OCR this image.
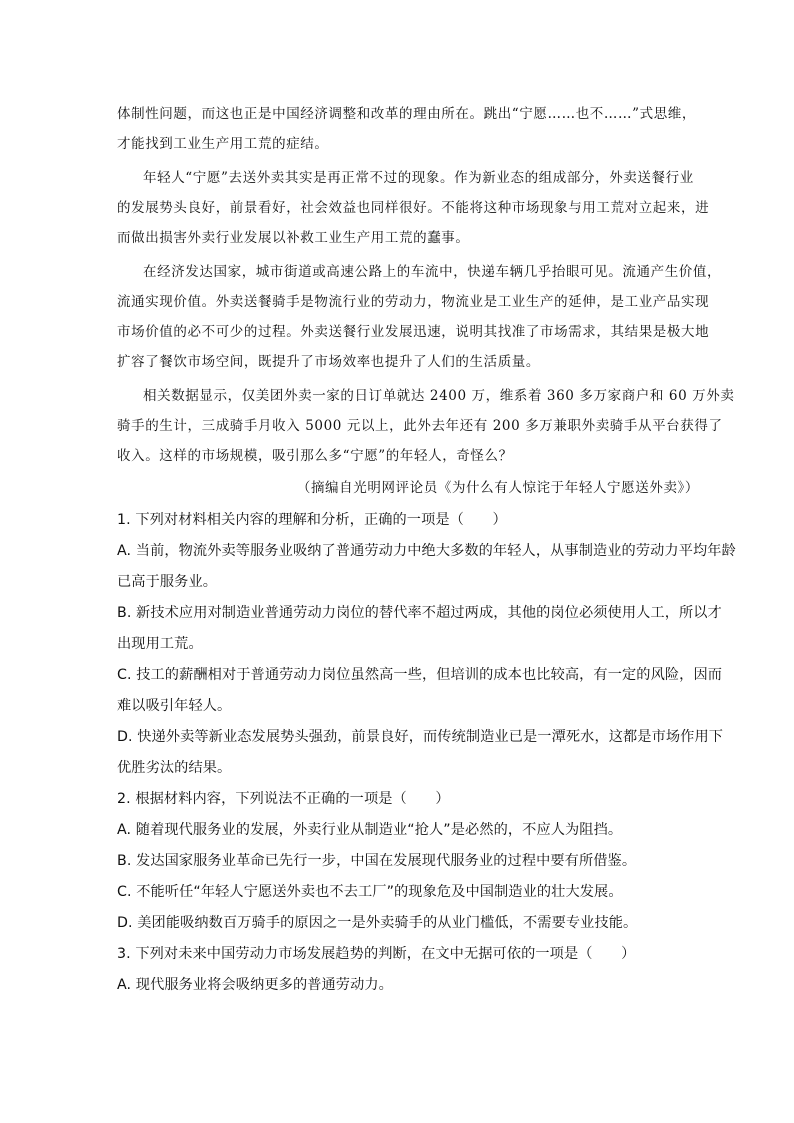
体制性问题，而这也正是中国经济调整和改革的理由所在。跳出“宁愿……也不……”式思维，
才能找到工业生产用工荒的症结。
年轻人“宁愿”去送外卖其实是再正常不过的现象。作为新业态的组成部分，外卖送餐行业
的发展势头良好，前景看好，社会效益也同样很好。不能将这种市场现象与用工荒对立起来，进
而做出损害外卖行业发展以补救工业生产用工荒的蠢事。
在经济发达国家，城市街道或高速公路上的车流中，快递车辆几乎抬眼可见。流通产生价值，
流通实现价值。外卖送餐骑手是物流行业的劳动力，物流业是工业生产的延伸，是工业产品实现
市场价值的必不可少的过程。外卖送餐行业发展迅速，说明其找准了市场需求，其结果是极大地
扩容了餐饮市场空间，既提升了市场效率也提升了人们的生活质量。
相关数据显示，仅美团外卖一家的日订单就达 2400 万，维系着 360 多万家商户和 60 万外卖
骑手的生计，三成骑手月收入 5000 元以上，此外去年还有 200 多万兼职外卖骑手从平台获得了
收入。这样的市场规模，吸引那么多“宁愿”的年轻人，奇怪么？
（摘编自光明网评论员《为什么有人惊诧于年轻人宁愿送外卖》）
1. 下列对材料相关内容的理解和分析，正确的一项是（　　）
A. 当前，物流外卖等服务业吸纳了普通劳动力中绝大多数的年轻人，从事制造业的劳动力平均年龄
已高于服务业。
B. 新技术应用对制造业普通劳动力岗位的替代率不超过两成，其他的岗位必须使用人工，所以才
出现用工荒。
C. 技工的薪酬相对于普通劳动力岗位虽然高一些，但培训的成本也比较高，有一定的风险，因而
难以吸引年轻人。
D. 快递外卖等新业态发展势头强劲，前景良好，而传统制造业已是一潭死水，这都是市场作用下
优胜劣汰的结果。
2. 根据材料内容，下列说法不正确的一项是（　　）
A. 随着现代服务业的发展，外卖行业从制造业“抢人”是必然的，不应人为阻挡。
B. 发达国家服务业革命已先行一步，中国在发展现代服务业的过程中要有所借鉴。
C. 不能听任“年轻人宁愿送外卖也不去工厂”的现象危及中国制造业的壮大发展。
D. 美团能吸纳数百万骑手的原因之一是外卖骑手的从业门槛低，不需要专业技能。
3. 下列对未来中国劳动力市场发展趋势的判断，在文中无据可依的一项是（　　）
A. 现代服务业将会吸纳更多的普通劳动力。
